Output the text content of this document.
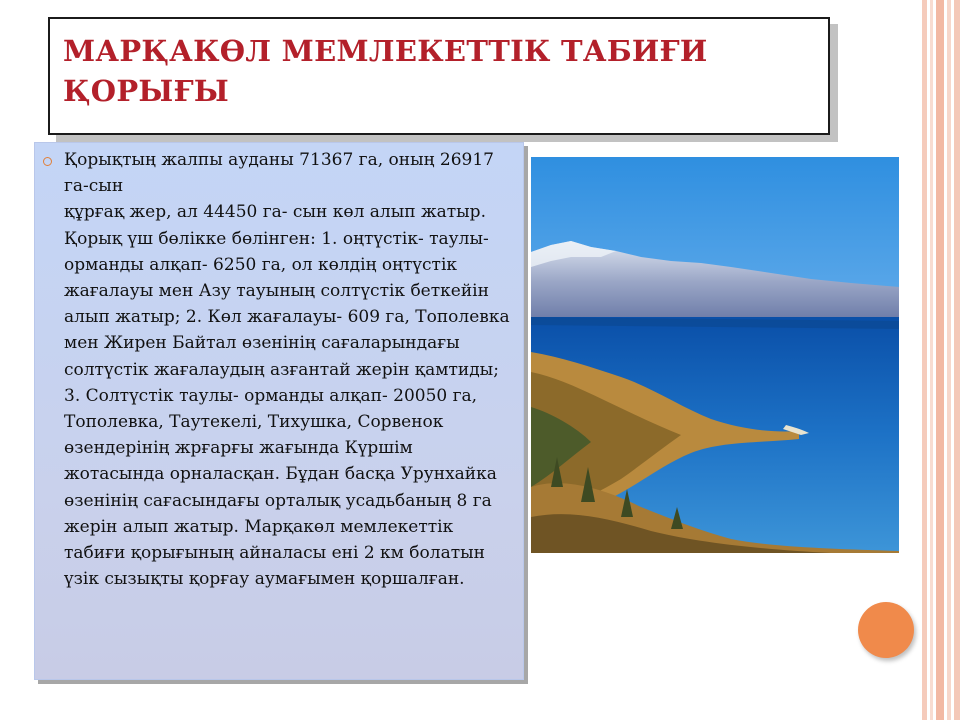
МАРҚАКӨЛ МЕМЛЕКЕТТІК ТАБИҒИ ҚОРЫҒЫ
Қорықтың жалпы ауданы 71367 га, оның 26917 га-сын
құрғақ жер, ал 44450 га- сын көл алып жатыр. Қорық үш бөлікке бөлінген: 1. оңтүстік- таулы- орманды алқап- 6250 га, ол көлдің оңтүстік жағалауы мен Азу тауының солтүстік беткейін алып жатыр; 2. Көл жағалауы- 609 га, Тополевка мен Жирен Байтал өзенінің сағаларындағы солтүстік жағалаудың азғантай жерін қамтиды; 3. Солтүстік таулы- орманды алқап- 20050 га, Тополевка, Таутекелі, Тихушка, Сорвенок өзендерінің жрғарғы жағында Күршім жотасында орналасқан. Бұдан басқа Урунхайка өзенінің сағасындағы орталық усадьбаның 8 га жерін алып жатыр. Марқакөл мемлекеттік табиғи қорығының айналасы ені 2 км болатын үзік сызықты қорғау аумағымен қоршалған.
